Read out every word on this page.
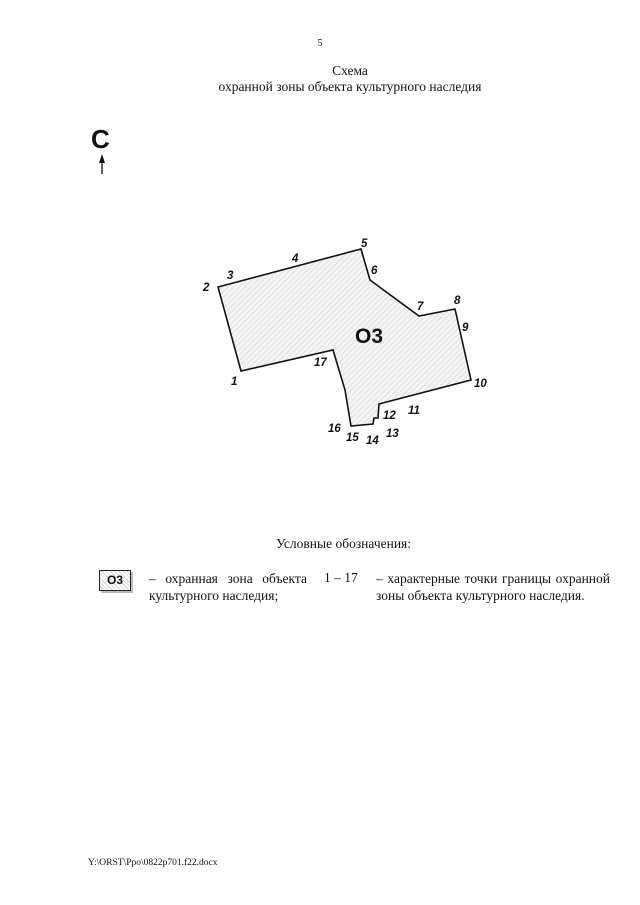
5
Схема
охранной зоны объекта культурного наследия
С
О3
1
2
3
4
5
6
7	8
9
10
11
12
13
14
15
16
17
Условные обозначения:
О3	– охранная зона объекта культурного наследия;
1 – 17 – характерные точки границы охранной зоны объекта культурного наследия.
Y:\ORST\Ppo\0822p701.f22.docx
